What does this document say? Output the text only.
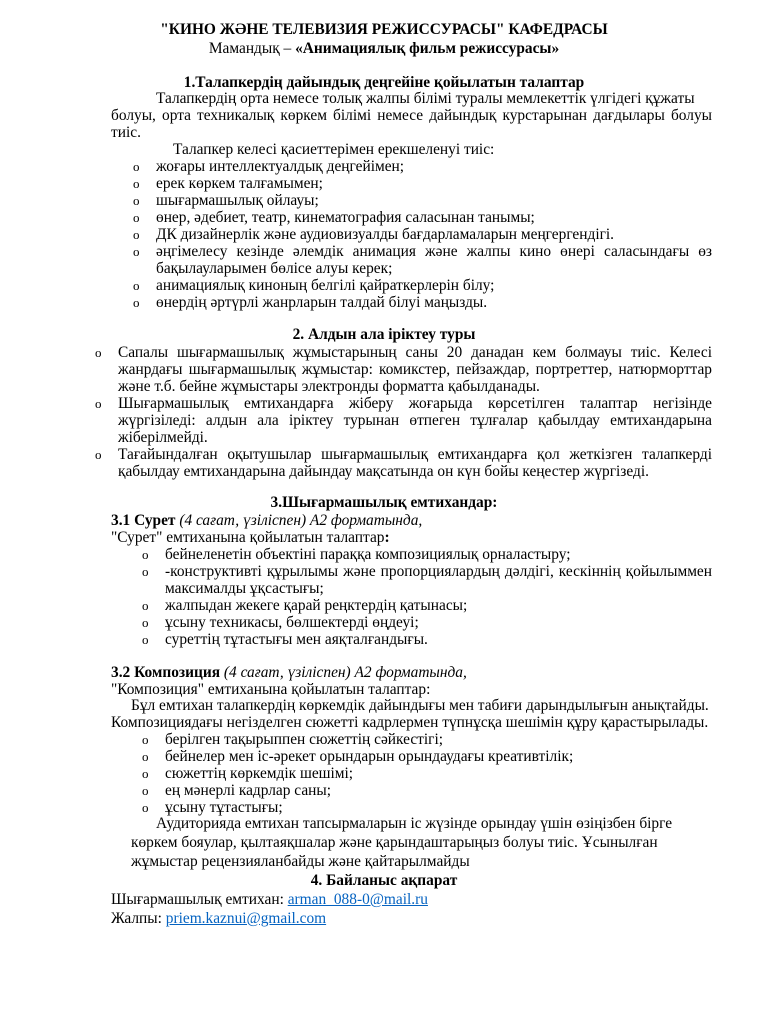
"КИНО ЖӘНЕ ТЕЛЕВИЗИЯ РЕЖИССУРАСЫ" КАФЕДРАСЫ
Мамандық – «Анимациялық фильм режиссурасы»
1.Талапкердің дайындық деңгейіне қойылатын талаптар
Талапкердің орта немесе толық жалпы білімі туралы мемлекеттік үлгідегі құжаты
болуы, орта техникалық көркем білімі немесе дайындық курстарынан дағдылары болуы
тиіс.
Талапкер келесі қасиеттерімен ерекшеленуі тиіс:
o жоғары интеллектуалдық деңгейімен;
o ерек көркем талғамымен;
o шығармашылық ойлауы;
o өнер, әдебиет, театр, кинематография саласынан танымы;
o ДК дизайнерлік және аудиовизуалды бағдарламаларын меңгергендігі.
o әңгімелесу кезінде әлемдік анимация және жалпы кино өнері саласындағы өз
бақылауларымен бөлісе алуы керек;
o анимациялық киноның белгілі қайраткерлерін білу;
o өнердің әртүрлі жанрларын талдай білуі маңызды.
2. Алдын ала іріктеу туры
o Сапалы шығармашылық жұмыстарының саны 20 данадан кем болмауы тиіс. Келесі
жанрдағы шығармашылық жұмыстар: комикстер, пейзаждар, портреттер, натюрморттар
және т.б. бейне жұмыстары электронды форматта қабылданады.
o Шығармашылық емтихандарға жіберу жоғарыда көрсетілген талаптар негізінде
жүргізіледі: алдын ала іріктеу турынан өтпеген тұлғалар қабылдау емтихандарына
жіберілмейді.
o Тағайындалған оқытушылар шығармашылық емтихандарға қол жеткізген талапкерді
қабылдау емтихандарына дайындау мақсатында он күн бойы кеңестер жүргізеді.
3.Шығармашылық емтихандар:
3.1 Сурет (4 сағат, үзіліспен) А2 форматында,
"Сурет" емтиханына қойылатын талаптар:
o бейнеленетін объектіні параққа композициялық орналастыру;
o -конструктивті құрылымы және пропорциялардың дәлдігі, кескіннің қойылыммен
максималды ұқсастығы;
o жалпыдан жекеге қарай реңктердің қатынасы;
o ұсыну техникасы, бөлшектерді өңдеуі;
o суреттің тұтастығы мен аяқталғандығы.
3.2 Композиция (4 сағат, үзіліспен) А2 форматында,
"Композиция" емтиханына қойылатын талаптар:
Бұл емтихан талапкердің көркемдік дайындығы мен табиғи дарындылығын анықтайды.
Композициядағы негізделген сюжетті кадрлермен түпнұсқа шешімін құру қарастырылады.
o берілген тақырыппен сюжеттің сәйкестігі;
o бейнелер мен іс-әрекет орындарын орындаудағы креативтілік;
o сюжеттің көркемдік шешімі;
o ең мәнерлі кадрлар саны;
o ұсыну тұтастығы;
Аудиторияда емтихан тапсырмаларын іс жүзінде орындау үшін өзіңізбен бірге
көркем бояулар, қылтаяқшалар және қарындаштарыңыз болуы тиіс. Ұсынылған
жұмыстар рецензияланбайды және қайтарылмайды
4. Байланыс ақпарат
Шығармашылық емтихан: arman_088-0@mail.ru
Жалпы: priem.kaznui@gmail.com
